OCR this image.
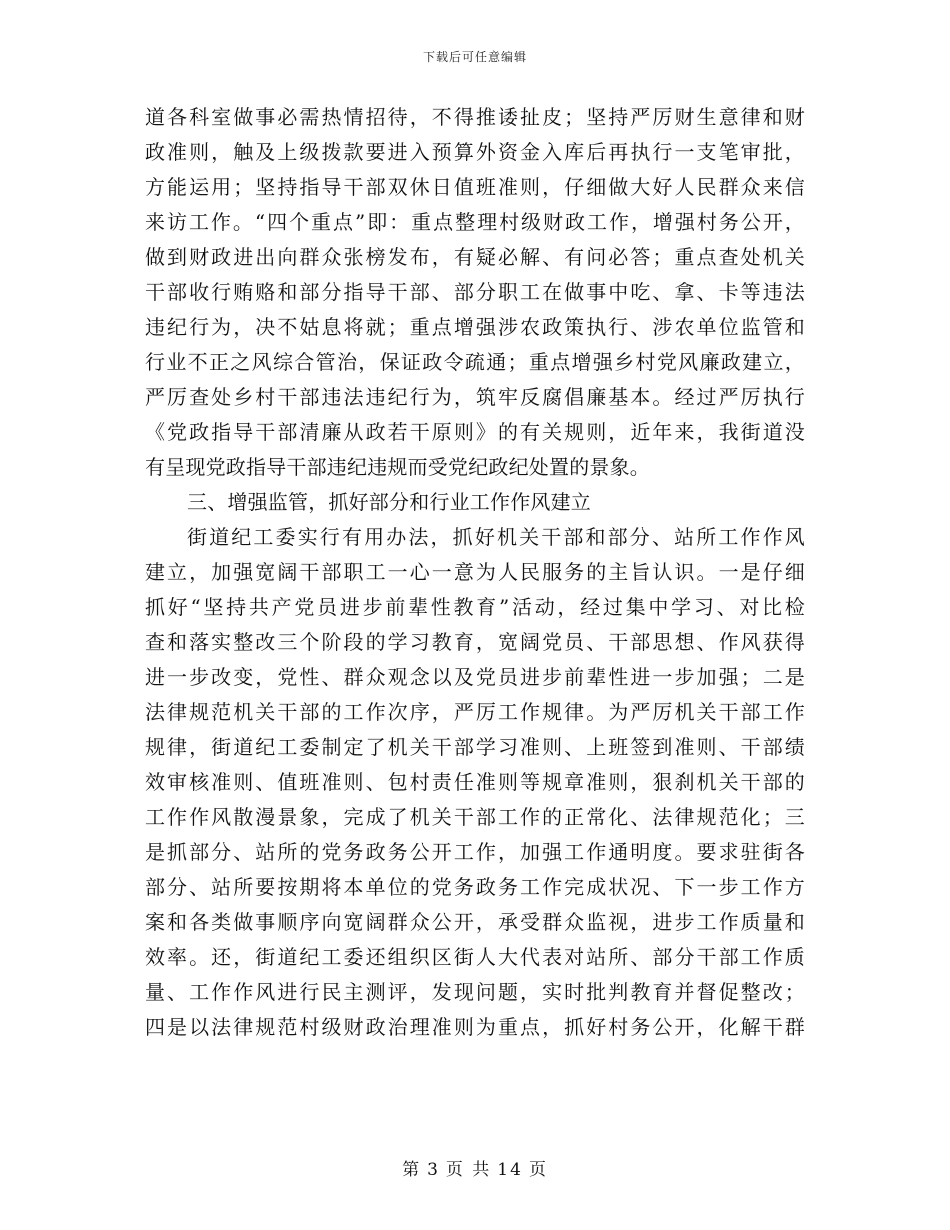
下载后可任意编辑
道各科室做事必需热情招待，不得推诿扯皮；坚持严厉财生意律和财
政准则，触及上级拨款要进入预算外资金入库后再执行一支笔审批，
方能运用；坚持指导干部双休日值班准则，仔细做大好人民群众来信
来访工作。“四个重点”即：重点整理村级财政工作，增强村务公开，
做到财政进出向群众张榜发布，有疑必解、有问必答；重点查处机关
干部收行贿赂和部分指导干部、部分职工在做事中吃、拿、卡等违法
违纪行为，决不姑息将就；重点增强涉农政策执行、涉农单位监管和
行业不正之风综合管治，保证政令疏通；重点增强乡村党风廉政建立，
严厉查处乡村干部违法违纪行为，筑牢反腐倡廉基本。经过严厉执行
《党政指导干部清廉从政若干原则》的有关规则，近年来，我街道没
有呈现党政指导干部违纪违规而受党纪政纪处置的景象。
三、增强监管，抓好部分和行业工作作风建立
街道纪工委实行有用办法，抓好机关干部和部分、站所工作作风
建立，加强宽阔干部职工一心一意为人民服务的主旨认识。一是仔细
抓好“坚持共产党员进步前辈性教育”活动，经过集中学习、对比检
查和落实整改三个阶段的学习教育，宽阔党员、干部思想、作风获得
进一步改变，党性、群众观念以及党员进步前辈性进一步加强；二是
法律规范机关干部的工作次序，严厉工作规律。为严厉机关干部工作
规律，街道纪工委制定了机关干部学习准则、上班签到准则、干部绩
效审核准则、值班准则、包村责任准则等规章准则，狠刹机关干部的
工作作风散漫景象，完成了机关干部工作的正常化、法律规范化；三
是抓部分、站所的党务政务公开工作，加强工作通明度。要求驻街各
部分、站所要按期将本单位的党务政务工作完成状况、下一步工作方
案和各类做事顺序向宽阔群众公开，承受群众监视，进步工作质量和
效率。还，街道纪工委还组织区街人大代表对站所、部分干部工作质
量、工作作风进行民主测评，发现问题，实时批判教育并督促整改；
四是以法律规范村级财政治理准则为重点，抓好村务公开，化解干群
第 3 页 共 14 页
